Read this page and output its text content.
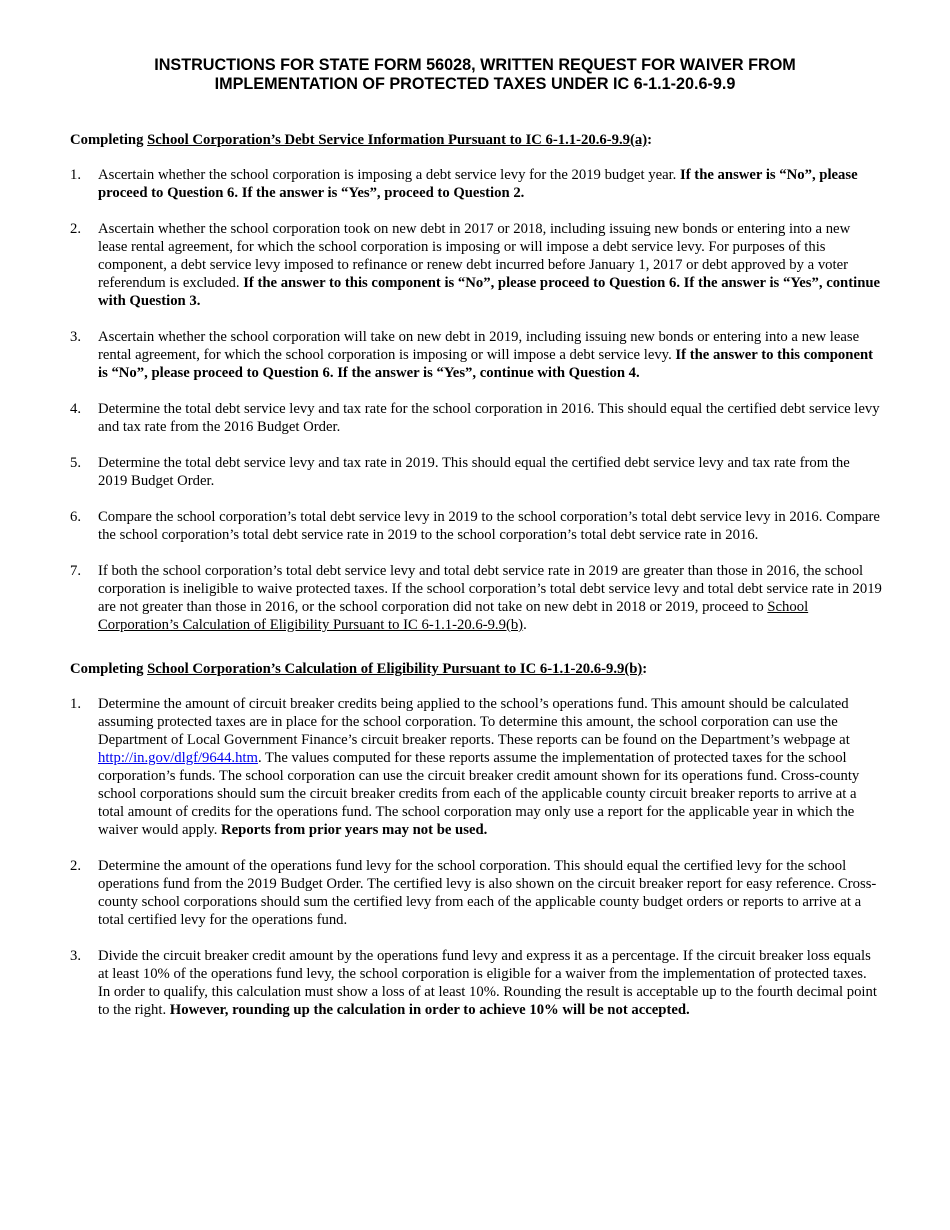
INSTRUCTIONS FOR STATE FORM 56028, WRITTEN REQUEST FOR WAIVER FROM
IMPLEMENTATION OF PROTECTED TAXES UNDER IC 6-1.1-20.6-9.9

Completing School Corporation’s Debt Service Information Pursuant to IC 6-1.1-20.6-9.9(a):

1.	Ascertain whether the school corporation is imposing a debt service levy for the 2019 budget year. If the answer is “No”, please proceed to Question 6. If the answer is “Yes”, proceed to Question 2.
2.	Ascertain whether the school corporation took on new debt in 2017 or 2018, including issuing new bonds or entering into a new lease rental agreement, for which the school corporation is imposing or will impose a debt service levy. For purposes of this component, a debt service levy imposed to refinance or renew debt incurred before January 1, 2017 or debt approved by a voter referendum is excluded. If the answer to this component is “No”, please proceed to Question 6. If the answer is “Yes”, continue with Question 3.
3.	Ascertain whether the school corporation will take on new debt in 2019, including issuing new bonds or entering into a new lease rental agreement, for which the school corporation is imposing or will impose a debt service levy. If the answer to this component is “No”, please proceed to Question 6. If the answer is “Yes”, continue with Question 4.
4.	Determine the total debt service levy and tax rate for the school corporation in 2016. This should equal the certified debt service levy and tax rate from the 2016 Budget Order.
5.	Determine the total debt service levy and tax rate in 2019. This should equal the certified debt service levy and tax rate from the 2019 Budget Order.
6.	Compare the school corporation’s total debt service levy in 2019 to the school corporation’s total debt service levy in 2016. Compare the school corporation’s total debt service rate in 2019 to the school corporation’s total debt service rate in 2016.
7.	If both the school corporation’s total debt service levy and total debt service rate in 2019 are greater than those in 2016, the school corporation is ineligible to waive protected taxes. If the school corporation’s total debt service levy and total debt service rate in 2019 are not greater than those in 2016, or the school corporation did not take on new debt in 2018 or 2019, proceed to School Corporation’s Calculation of Eligibility Pursuant to IC 6-1.1-20.6-9.9(b).

Completing School Corporation’s Calculation of Eligibility Pursuant to IC 6-1.1-20.6-9.9(b):

1.	Determine the amount of circuit breaker credits being applied to the school’s operations fund. This amount should be calculated assuming protected taxes are in place for the school corporation. To determine this amount, the school corporation can use the Department of Local Government Finance’s circuit breaker reports. These reports can be found on the Department’s webpage at http://in.gov/dlgf/9644.htm. The values computed for these reports assume the implementation of protected taxes for the school corporation’s funds. The school corporation can use the circuit breaker credit amount shown for its operations fund. Cross-county school corporations should sum the circuit breaker credits from each of the applicable county circuit breaker reports to arrive at a total amount of credits for the operations fund. The school corporation may only use a report for the applicable year in which the waiver would apply. Reports from prior years may not be used.
2.	Determine the amount of the operations fund levy for the school corporation. This should equal the certified levy for the school operations fund from the 2019 Budget Order. The certified levy is also shown on the circuit breaker report for easy reference. Cross-county school corporations should sum the certified levy from each of the applicable county budget orders or reports to arrive at a total certified levy for the operations fund.
3.	Divide the circuit breaker credit amount by the operations fund levy and express it as a percentage. If the circuit breaker loss equals at least 10% of the operations fund levy, the school corporation is eligible for a waiver from the implementation of protected taxes. In order to qualify, this calculation must show a loss of at least 10%. Rounding the result is acceptable up to the fourth decimal point to the right. However, rounding up the calculation in order to achieve 10% will be not accepted.
